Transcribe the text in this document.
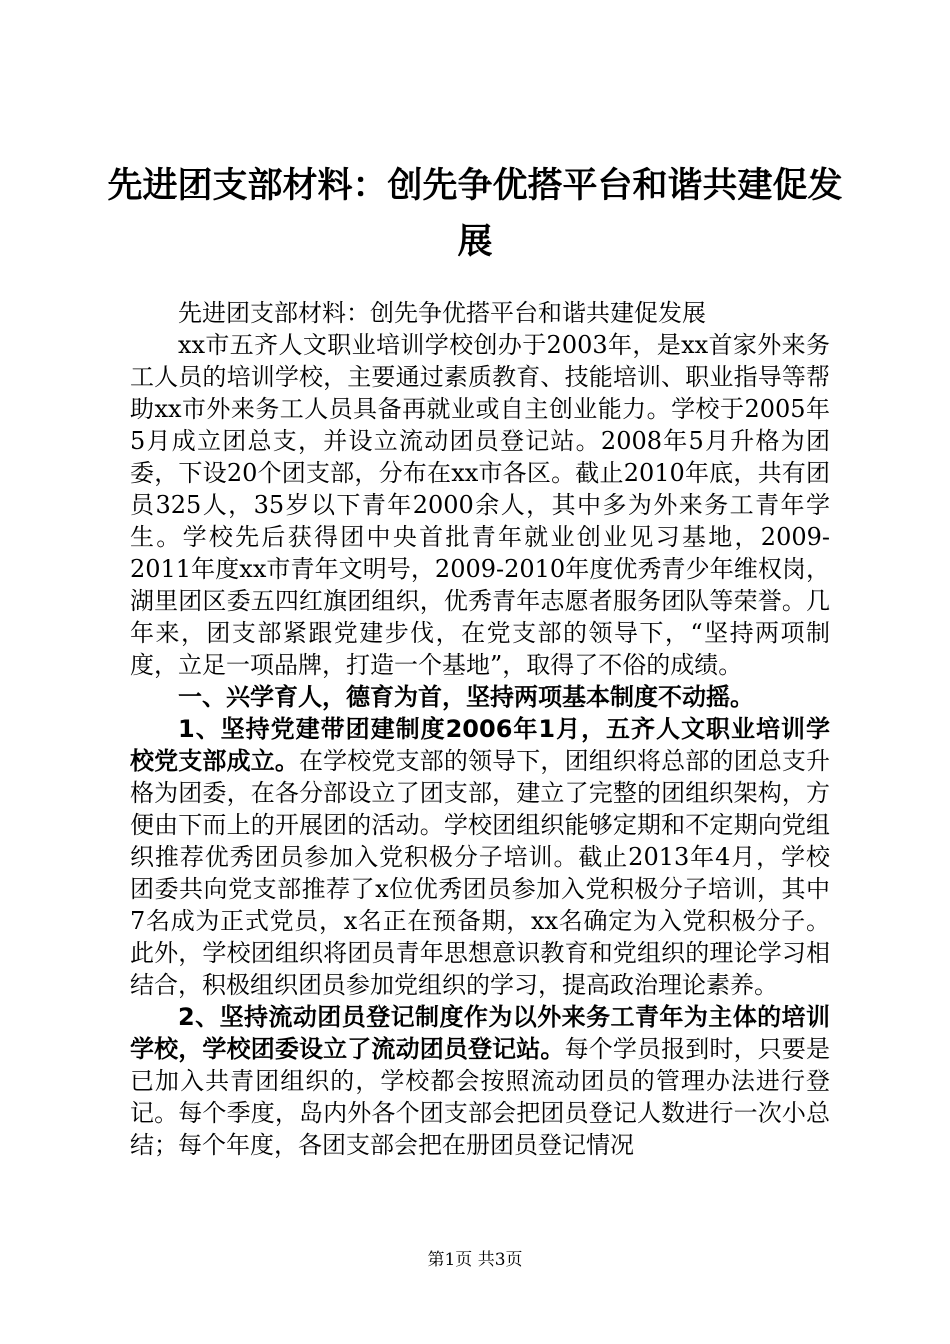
先进团支部材料：创先争优搭平台和谐共建促发展

先进团支部材料：创先争优搭平台和谐共建促发展

xx市五齐人文职业培训学校创办于2003年，是xx首家外来务工人员的培训学校，主要通过素质教育、技能培训、职业指导等帮助xx市外来务工人员具备再就业或自主创业能力。学校于2005年5月成立团总支，并设立流动团员登记站。2008年5月升格为团委，下设20个团支部，分布在xx市各区。截止2010年底，共有团员325人，35岁以下青年2000余人，其中多为外来务工青年学生。学校先后获得团中央首批青年就业创业见习基地，2009-2011年度xx市青年文明号，2009-2010年度优秀青少年维权岗，湖里团区委五四红旗团组织，优秀青年志愿者服务团队等荣誉。几年来，团支部紧跟党建步伐，在党支部的领导下，“坚持两项制度，立足一项品牌，打造一个基地”，取得了不俗的成绩。

一、兴学育人，德育为首，坚持两项基本制度不动摇。

1、坚持党建带团建制度2006年1月，五齐人文职业培训学校党支部成立。在学校党支部的领导下，团组织将总部的团总支升格为团委，在各分部设立了团支部，建立了完整的团组织架构，方便由下而上的开展团的活动。学校团组织能够定期和不定期向党组织推荐优秀团员参加入党积极分子培训。截止2013年4月，学校团委共向党支部推荐了x位优秀团员参加入党积极分子培训，其中7名成为正式党员，x名正在预备期，xx名确定为入党积极分子。此外，学校团组织将团员青年思想意识教育和党组织的理论学习相结合，积极组织团员参加党组织的学习，提高政治理论素养。

2、坚持流动团员登记制度作为以外来务工青年为主体的培训学校，学校团委设立了流动团员登记站。每个学员报到时，只要是已加入共青团组织的，学校都会按照流动团员的管理办法进行登记。每个季度，岛内外各个团支部会把团员登记人数进行一次小总结；每个年度，各团支部会把在册团员登记情况

第1页 共3页
